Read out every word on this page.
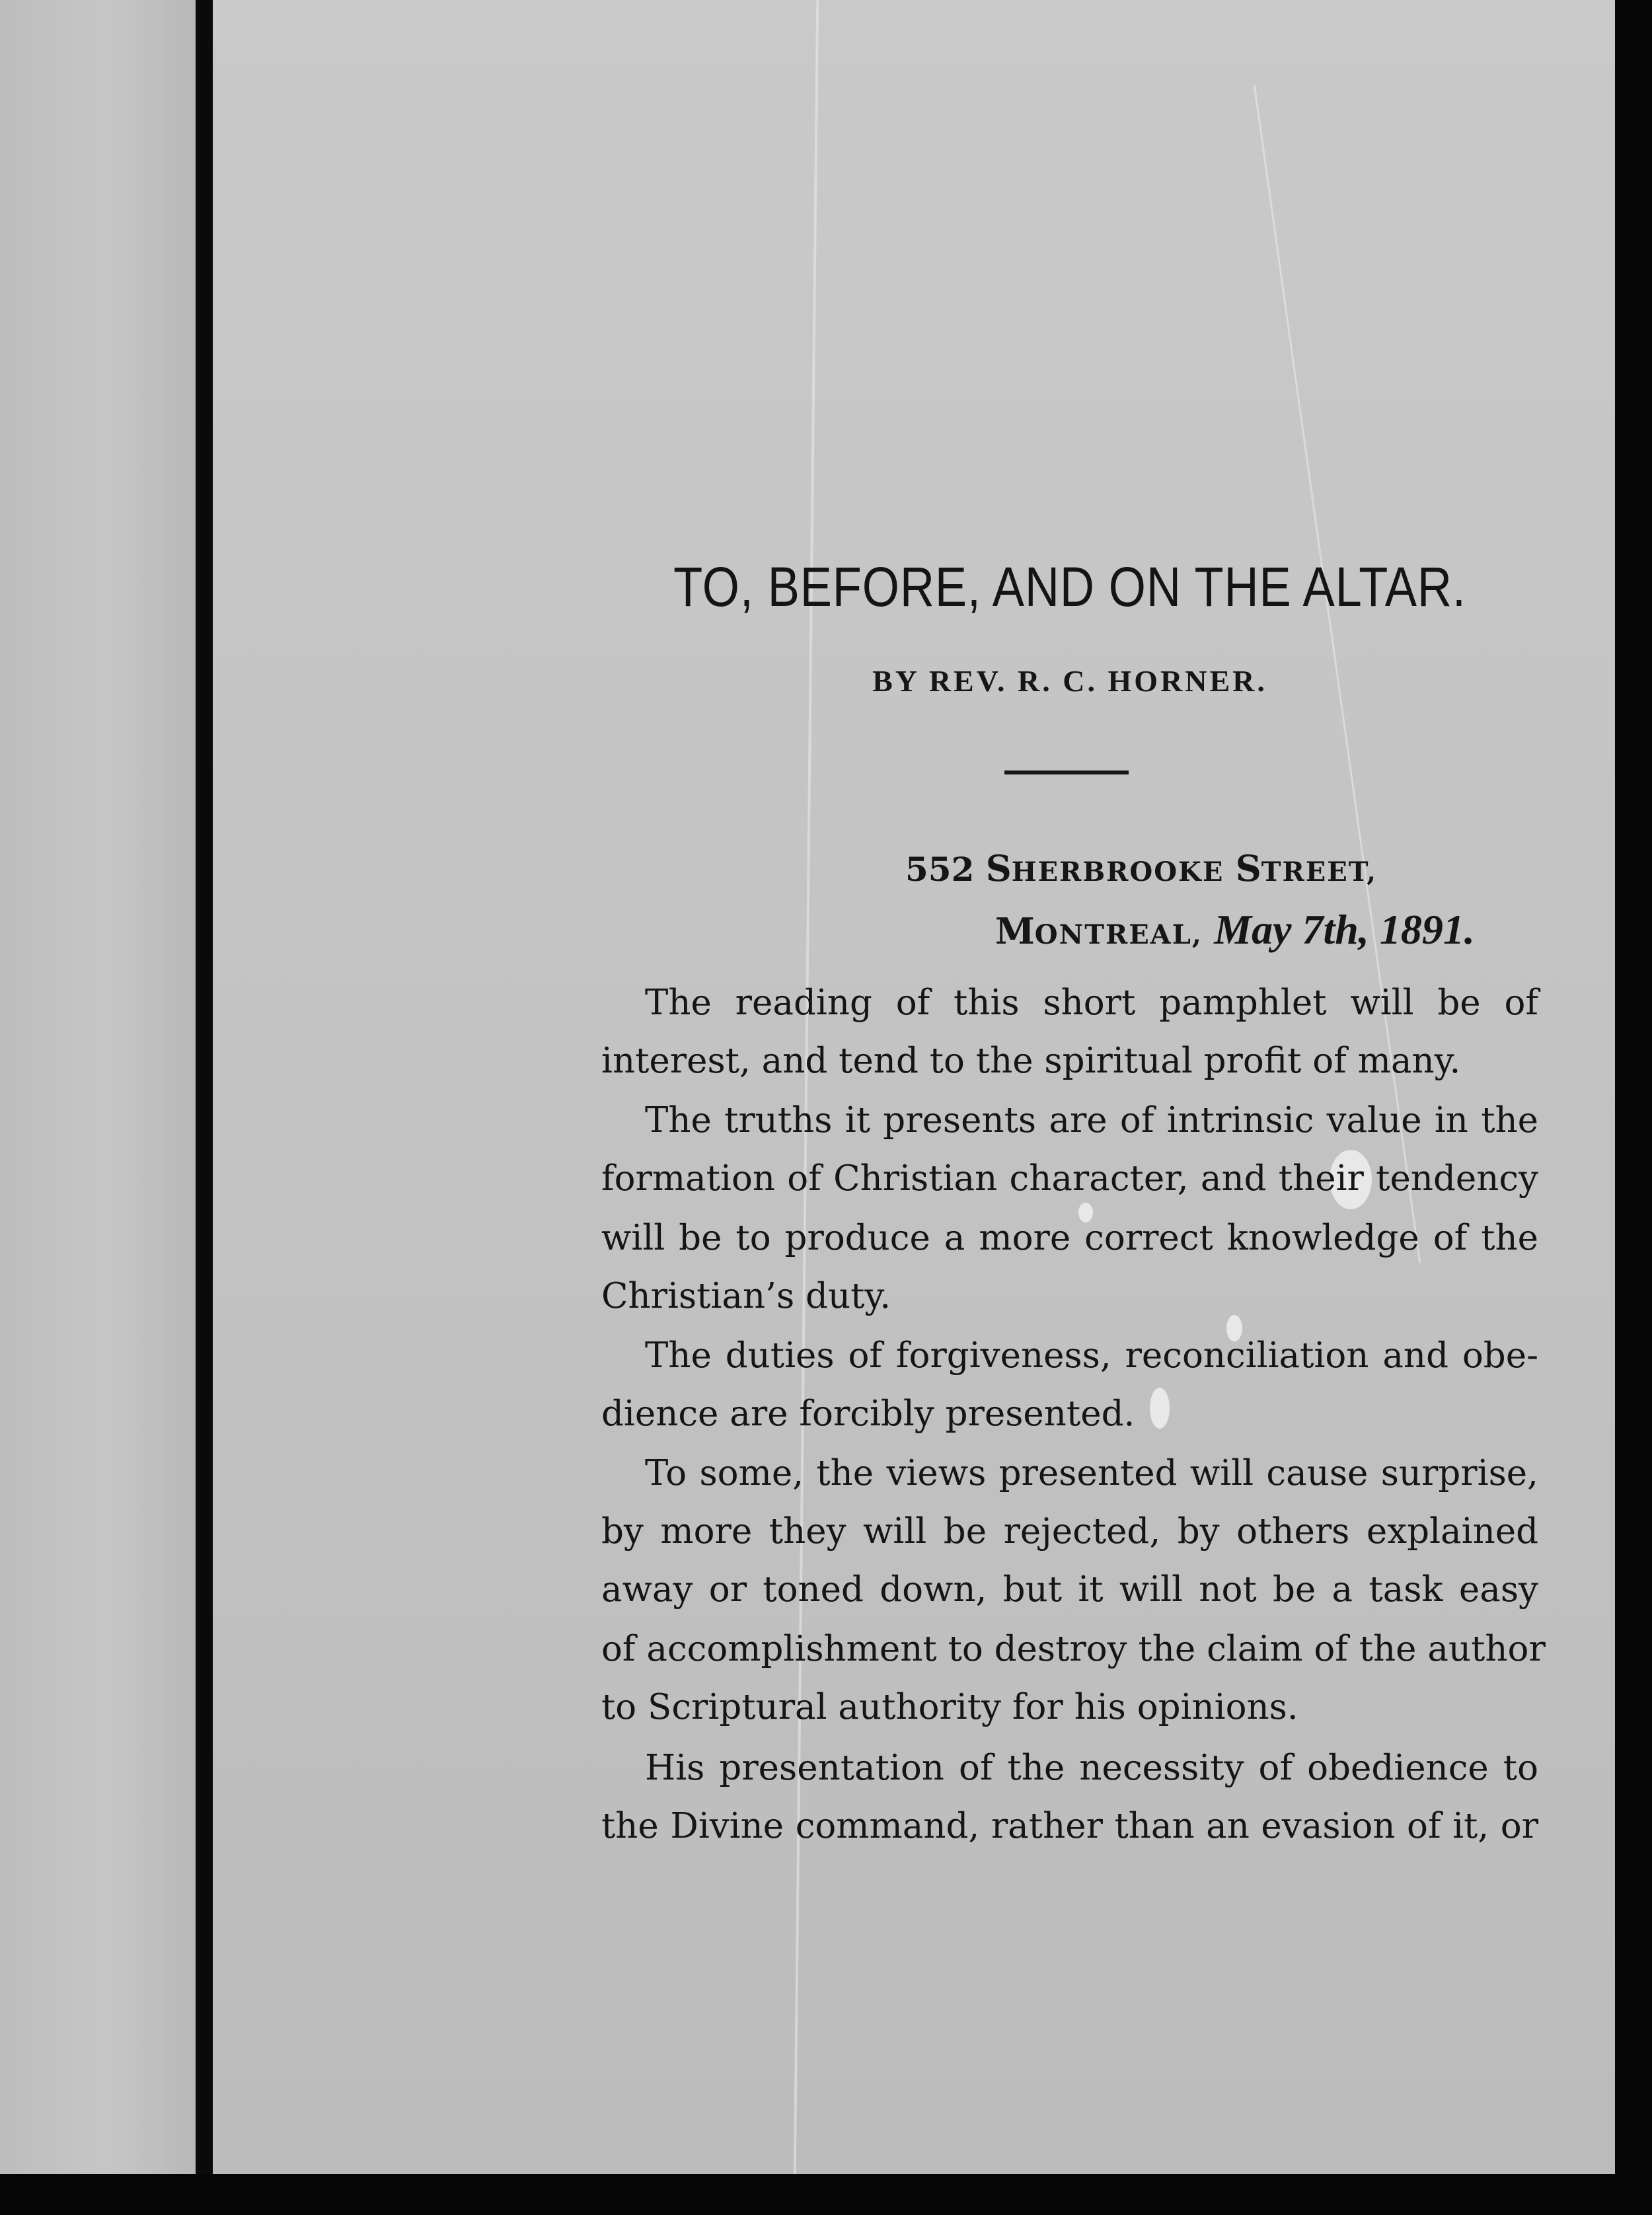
TO, BEFORE, AND ON THE ALTAR.
BY REV. R. C. HORNER.
552 SHERBROOKE STREET,
MONTREAL, May 7th, 1891.
The reading of this short pamphlet will be of
interest, and tend to the spiritual profit of many.
The truths it presents are of intrinsic value in the
formation of Christian character, and their tendency
will be to produce a more correct knowledge of the
Christian’s duty.
The duties of forgiveness, reconciliation and obe-
dience are forcibly presented.
To some, the views presented will cause surprise,
by more they will be rejected, by others explained
away or toned down, but it will not be a task easy
of accomplishment to destroy the claim of the author
to Scriptural authority for his opinions.
His presentation of the necessity of obedience to
the Divine command, rather than an evasion of it, or
